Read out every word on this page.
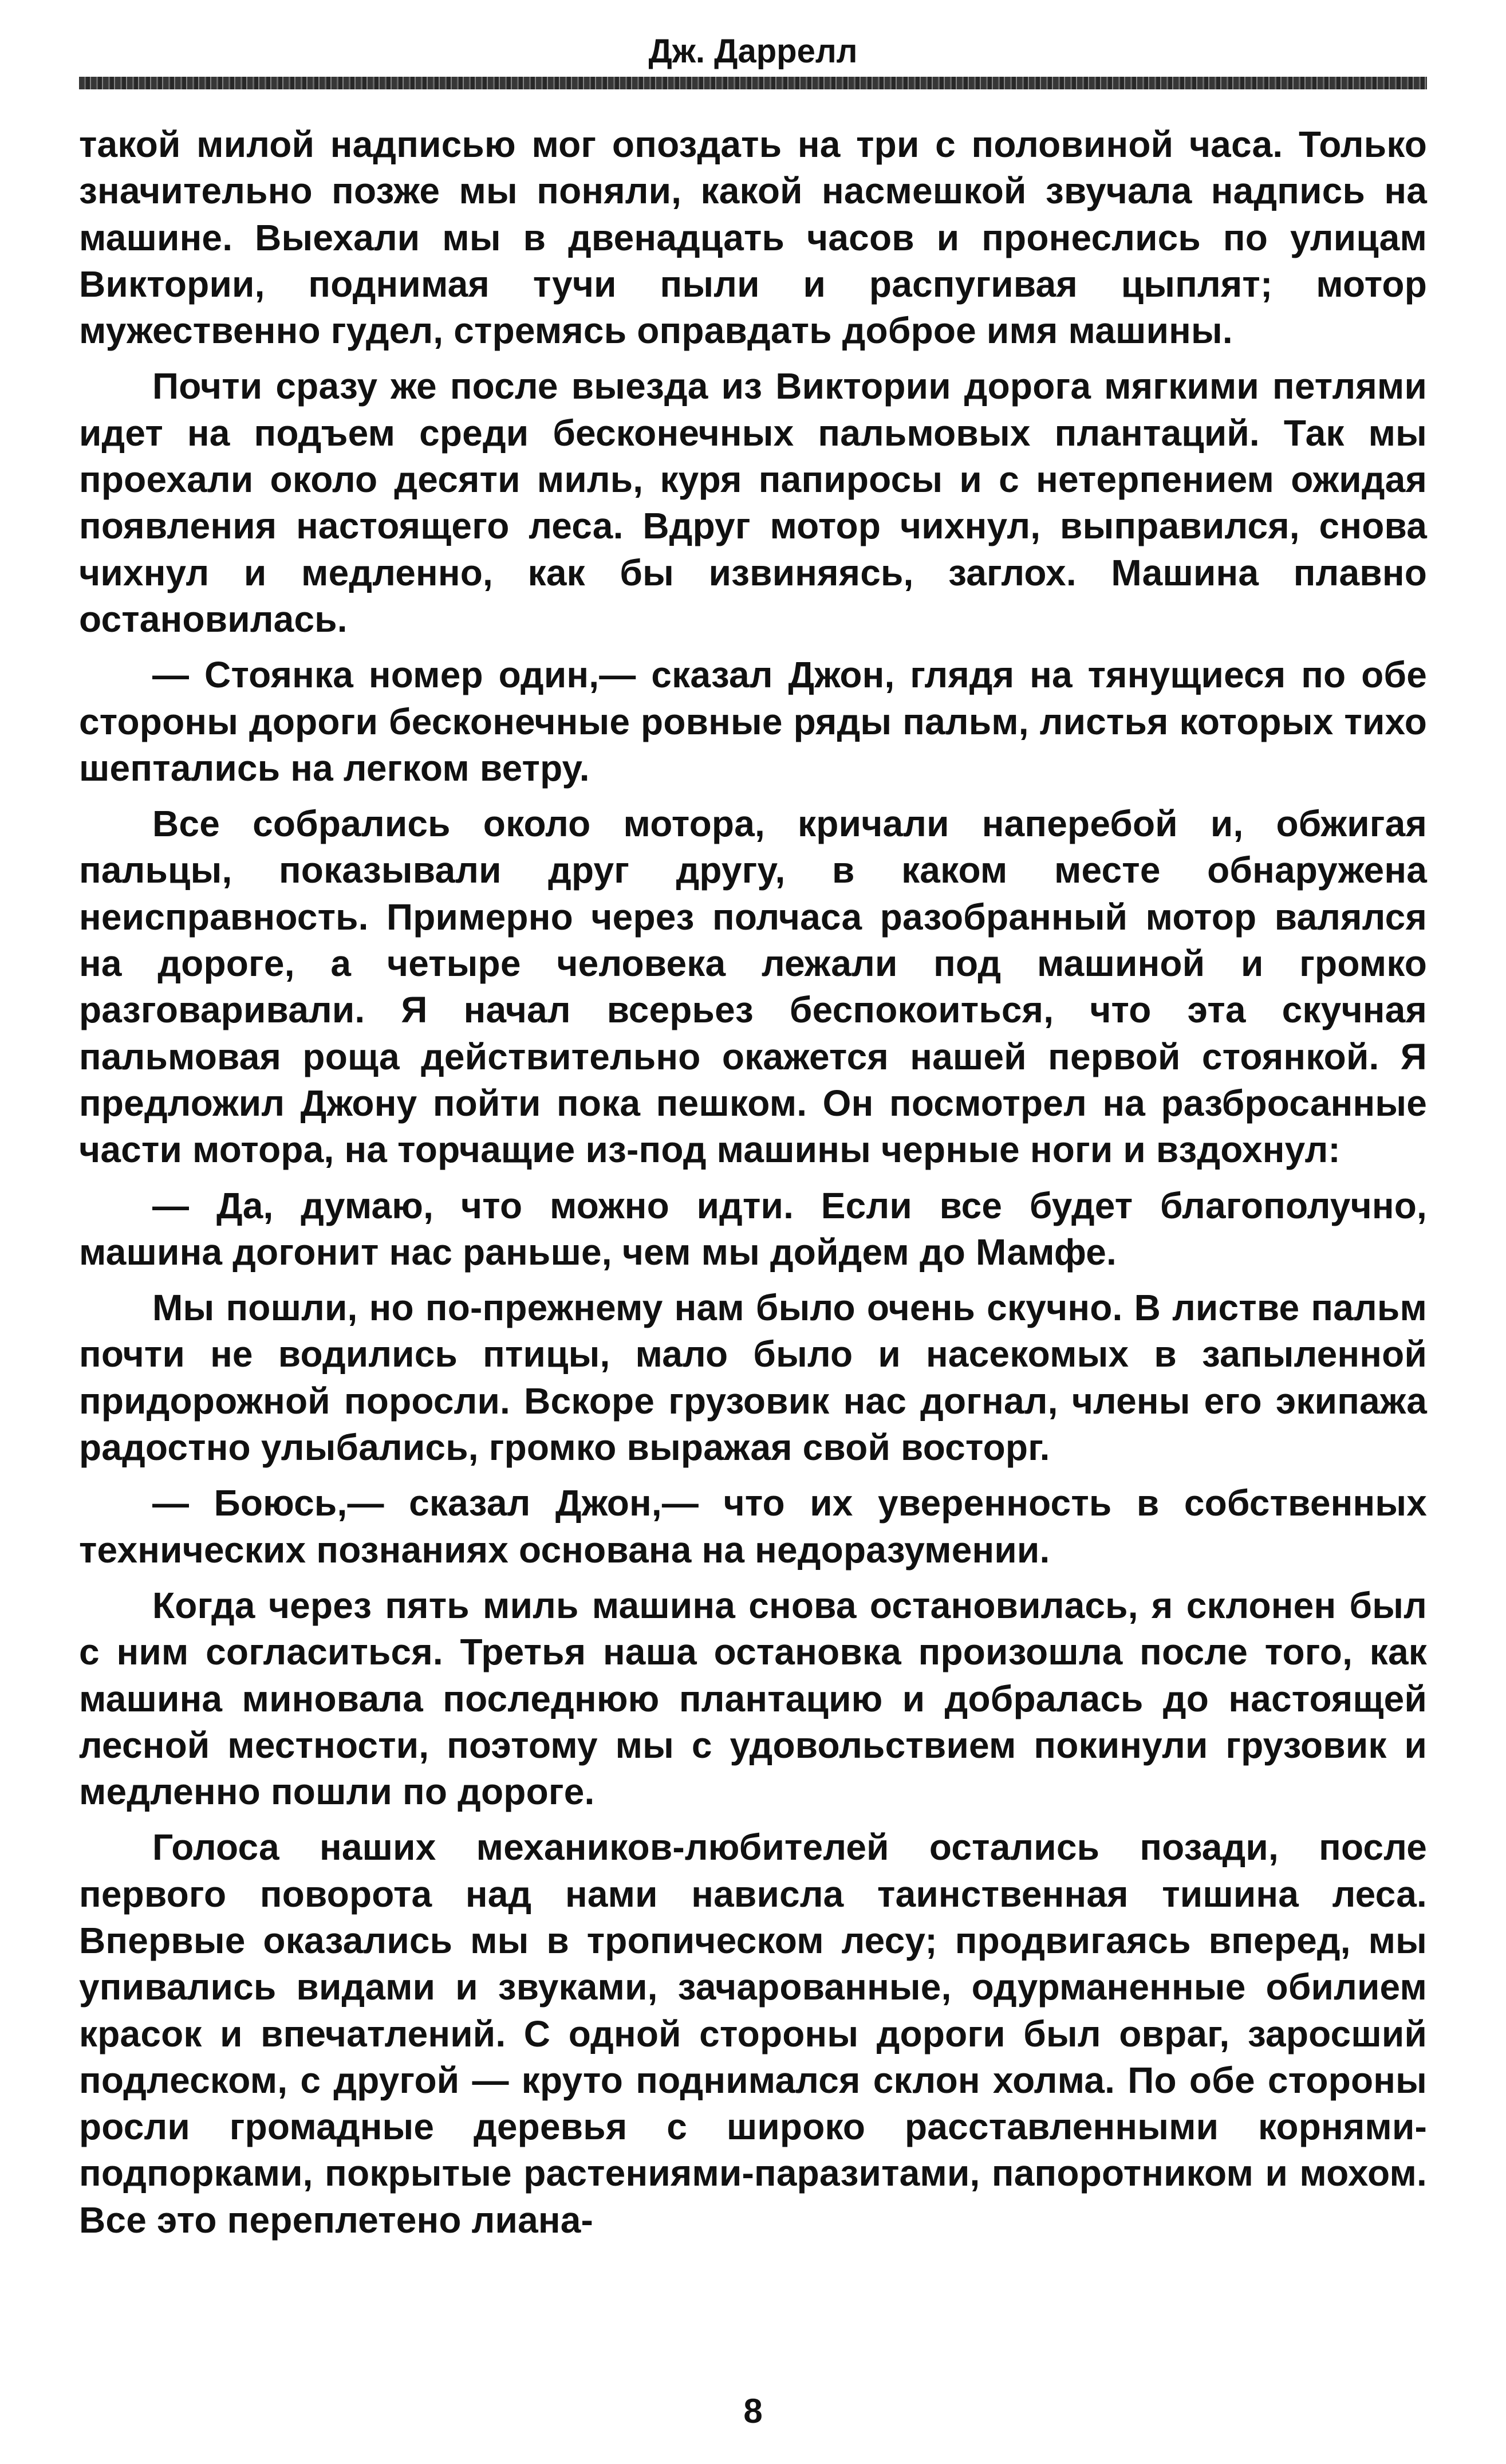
Дж. Даррелл

такой милой надписью мог опоздать на три с половиной часа. Только значительно позже мы поняли, какой насмешкой звучала надпись на машине. Выехали мы в двенадцать часов и пронеслись по улицам Виктории, поднимая тучи пыли и распугивая цыплят; мотор мужественно гудел, стремясь оправдать доброе имя машины.

Почти сразу же после выезда из Виктории дорога мягкими петлями идет на подъем среди бесконечных пальмовых плантаций. Так мы проехали около десяти миль, куря папиросы и с нетерпением ожидая появления настоящего леса. Вдруг мотор чихнул, выправился, снова чихнул и медленно, как бы извиняясь, заглох. Машина плавно остановилась.

— Стоянка номер один,— сказал Джон, глядя на тянущиеся по обе стороны дороги бесконечные ровные ряды пальм, листья которых тихо шептались на легком ветру.

Все собрались около мотора, кричали наперебой и, обжигая пальцы, показывали друг другу, в каком месте обнаружена неисправность. Примерно через полчаса разобранный мотор валялся на дороге, а четыре человека лежали под машиной и громко разговаривали. Я начал всерьез беспокоиться, что эта скучная пальмовая роща действительно окажется нашей первой стоянкой. Я предложил Джону пойти пока пешком. Он посмотрел на разбросанные части мотора, на торчащие из-под машины черные ноги и вздохнул:

— Да, думаю, что можно идти. Если все будет благополучно, машина догонит нас раньше, чем мы дойдем до Мамфе.

Мы пошли, но по-прежнему нам было очень скучно. В листве пальм почти не водились птицы, мало было и насекомых в запыленной придорожной поросли. Вскоре грузовик нас догнал, члены его экипажа радостно улыбались, громко выражая свой восторг.

— Боюсь,— сказал Джон,— что их уверенность в собственных технических познаниях основана на недоразумении.

Когда через пять миль машина снова остановилась, я склонен был с ним согласиться. Третья наша остановка произошла после того, как машина миновала последнюю плантацию и добралась до настоящей лесной местности, поэтому мы с удовольствием покинули грузовик и медленно пошли по дороге.

Голоса наших механиков-любителей остались позади, после первого поворота над нами нависла таинственная тишина леса. Впервые оказались мы в тропическом лесу; продвигаясь вперед, мы упивались видами и звуками, зачарованные, одурманенные обилием красок и впечатлений. С одной стороны дороги был овраг, заросший подлеском, с другой — круто поднимался склон холма. По обе стороны росли громадные деревья с широко расставленными корнями-подпорками, покрытые растениями-паразитами, папоротником и мохом. Все это переплетено лиана-

8
